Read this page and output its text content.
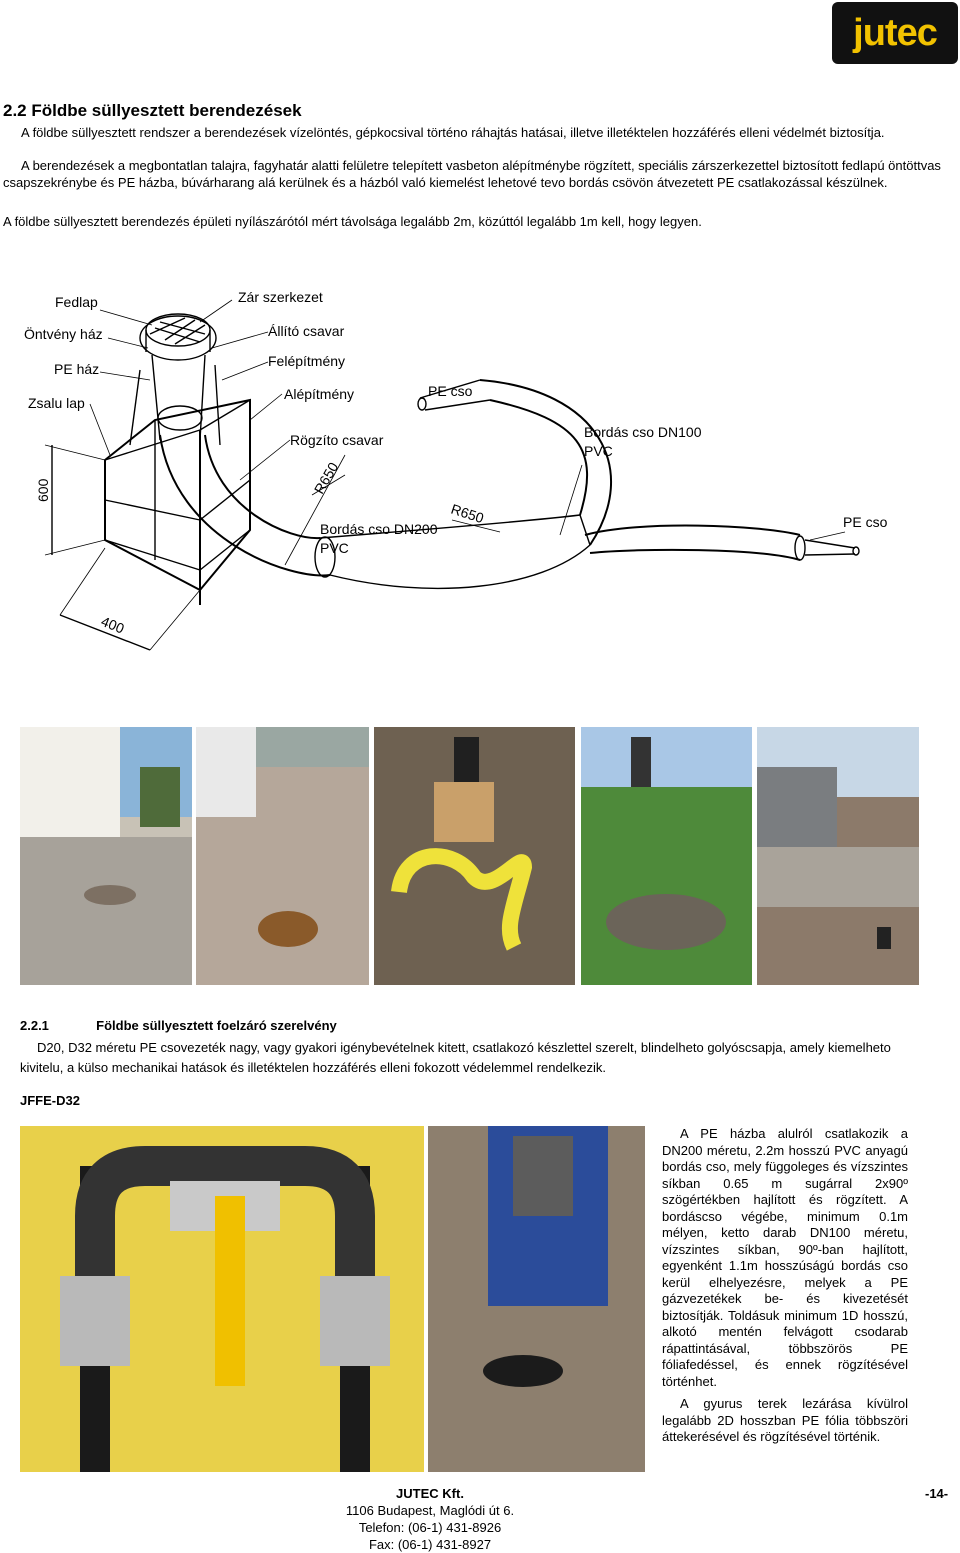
jutec
2.2 Földbe süllyesztett berendezések
A földbe süllyesztett rendszer a berendezések vízelöntés, gépkocsival történo ráhajtás hatásai, illetve illetéktelen hozzáférés elleni védelmét biztosítja.
A berendezések a megbontatlan talajra, fagyhatár alatti felületre telepített vasbeton alépítménybe rögzített, speciális zárszerkezettel biztosított fedlapú öntöttvas csapszekrénybe és PE házba, búvárharang alá kerülnek és a házból való kiemelést lehetové tevo bordás csövön átvezetett PE csatlakozással készülnek.
A földbe süllyesztett berendezés épületi nyílászárótól mért távolsága legalább 2m, közúttól legalább 1m kell, hogy legyen.
Fedlap	Zár szerkezet
Öntvény ház	Állító csavar
PE ház	Felépítmény
Zsalu lap
Alépítmény	PE cso
Rögzíto csavar	Bordás cso DN100
PVC
Bordás cso DN200
PVC
PE cso
600
400
R650
R650
2.2.1	Földbe süllyesztett foelzáró szerelvény
D20, D32 méretu PE csovezeték nagy, vagy gyakori igénybevételnek kitett, csatlakozó készlettel szerelt, blindelheto golyóscsapja, amely kiemelheto kivitelu, a külso mechanikai hatások és illetéktelen hozzáférés elleni fokozott védelemmel rendelkezik.
JFFE-D32

A PE házba alulról csatlakozik a DN200 méretu, 2.2m hosszú PVC anyagú bordás cso, mely függoleges és vízszintes síkban 0.65 m sugárral 2x90º szögértékben hajlított és rögzített. A bordáscso végébe, minimum 0.1m mélyen, ketto darab DN100 méretu, vízszintes síkban, 90º-ban hajlított, egyenként 1.1m hosszúságú bordás cso kerül elhelyezésre, melyek a PE gázvezetékek be- és kivezetését biztosítják. Toldásuk minimum 1D hosszú, alkotó mentén felvágott csodarab rápattintásával, többszörös PE fóliafedéssel, és ennek rögzítésével történhet.

A gyurus terek lezárása kívülrol legalább 2D hosszban PE fólia többszöri áttekerésével és rögzítésével történik.

JUTEC Kft.
1106 Budapest, Maglódi út 6.
Telefon: (06-1) 431-8926
Fax: (06-1) 431-8927
-14-
